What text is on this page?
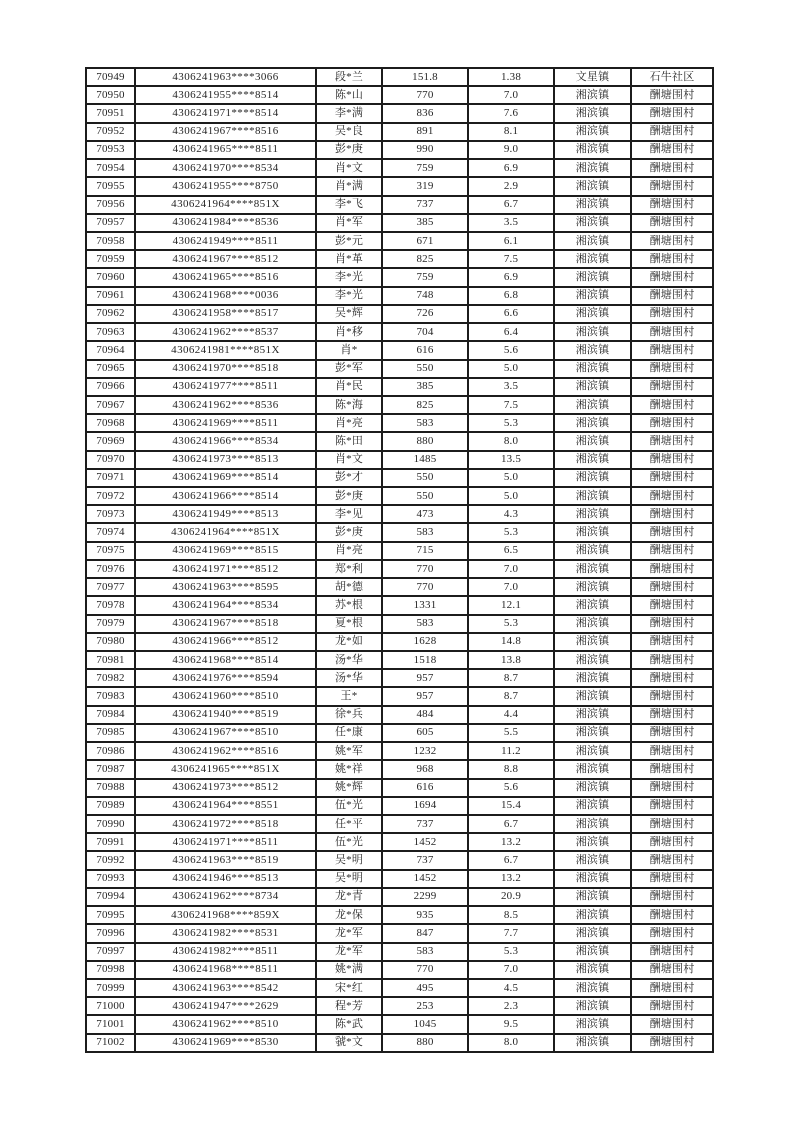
70949	4306241963****3066	段*兰	151.8	1.38	文星镇	石牛社区
70950	4306241955****8514	陈*山	770	7.0	湘滨镇	酬塘围村
70951	4306241971****8514	李*满	836	7.6	湘滨镇	酬塘围村
70952	4306241967****8516	吴*良	891	8.1	湘滨镇	酬塘围村
70953	4306241965****8511	彭*庚	990	9.0	湘滨镇	酬塘围村
70954	4306241970****8534	肖*文	759	6.9	湘滨镇	酬塘围村
70955	4306241955****8750	肖*满	319	2.9	湘滨镇	酬塘围村
70956	4306241964****851X	李*飞	737	6.7	湘滨镇	酬塘围村
70957	4306241984****8536	肖*军	385	3.5	湘滨镇	酬塘围村
70958	4306241949****8511	彭*元	671	6.1	湘滨镇	酬塘围村
70959	4306241967****8512	肖*革	825	7.5	湘滨镇	酬塘围村
70960	4306241965****8516	李*光	759	6.9	湘滨镇	酬塘围村
70961	4306241968****0036	李*光	748	6.8	湘滨镇	酬塘围村
70962	4306241958****8517	吴*辉	726	6.6	湘滨镇	酬塘围村
70963	4306241962****8537	肖*移	704	6.4	湘滨镇	酬塘围村
70964	4306241981****851X	肖*	616	5.6	湘滨镇	酬塘围村
70965	4306241970****8518	彭*军	550	5.0	湘滨镇	酬塘围村
70966	4306241977****8511	肖*民	385	3.5	湘滨镇	酬塘围村
70967	4306241962****8536	陈*海	825	7.5	湘滨镇	酬塘围村
70968	4306241969****8511	肖*亮	583	5.3	湘滨镇	酬塘围村
70969	4306241966****8534	陈*田	880	8.0	湘滨镇	酬塘围村
70970	4306241973****8513	肖*文	1485	13.5	湘滨镇	酬塘围村
70971	4306241969****8514	彭*才	550	5.0	湘滨镇	酬塘围村
70972	4306241966****8514	彭*庚	550	5.0	湘滨镇	酬塘围村
70973	4306241949****8513	李*见	473	4.3	湘滨镇	酬塘围村
70974	4306241964****851X	彭*庚	583	5.3	湘滨镇	酬塘围村
70975	4306241969****8515	肖*亮	715	6.5	湘滨镇	酬塘围村
70976	4306241971****8512	郑*利	770	7.0	湘滨镇	酬塘围村
70977	4306241963****8595	胡*德	770	7.0	湘滨镇	酬塘围村
70978	4306241964****8534	苏*根	1331	12.1	湘滨镇	酬塘围村
70979	4306241967****8518	夏*根	583	5.3	湘滨镇	酬塘围村
70980	4306241966****8512	龙*如	1628	14.8	湘滨镇	酬塘围村
70981	4306241968****8514	汤*华	1518	13.8	湘滨镇	酬塘围村
70982	4306241976****8594	汤*华	957	8.7	湘滨镇	酬塘围村
70983	4306241960****8510	王*	957	8.7	湘滨镇	酬塘围村
70984	4306241940****8519	徐*兵	484	4.4	湘滨镇	酬塘围村
70985	4306241967****8510	任*康	605	5.5	湘滨镇	酬塘围村
70986	4306241962****8516	姚*军	1232	11.2	湘滨镇	酬塘围村
70987	4306241965****851X	姚*祥	968	8.8	湘滨镇	酬塘围村
70988	4306241973****8512	姚*辉	616	5.6	湘滨镇	酬塘围村
70989	4306241964****8551	伍*光	1694	15.4	湘滨镇	酬塘围村
70990	4306241972****8518	任*平	737	6.7	湘滨镇	酬塘围村
70991	4306241971****8511	伍*光	1452	13.2	湘滨镇	酬塘围村
70992	4306241963****8519	吴*明	737	6.7	湘滨镇	酬塘围村
70993	4306241946****8513	吴*明	1452	13.2	湘滨镇	酬塘围村
70994	4306241962****8734	龙*青	2299	20.9	湘滨镇	酬塘围村
70995	4306241968****859X	龙*保	935	8.5	湘滨镇	酬塘围村
70996	4306241982****8531	龙*军	847	7.7	湘滨镇	酬塘围村
70997	4306241982****8511	龙*军	583	5.3	湘滨镇	酬塘围村
70998	4306241968****8511	姚*满	770	7.0	湘滨镇	酬塘围村
70999	4306241963****8542	宋*红	495	4.5	湘滨镇	酬塘围村
71000	4306241947****2629	程*芳	253	2.3	湘滨镇	酬塘围村
71001	4306241962****8510	陈*武	1045	9.5	湘滨镇	酬塘围村
71002	4306241969****8530	虢*文	880	8.0	湘滨镇	酬塘围村
